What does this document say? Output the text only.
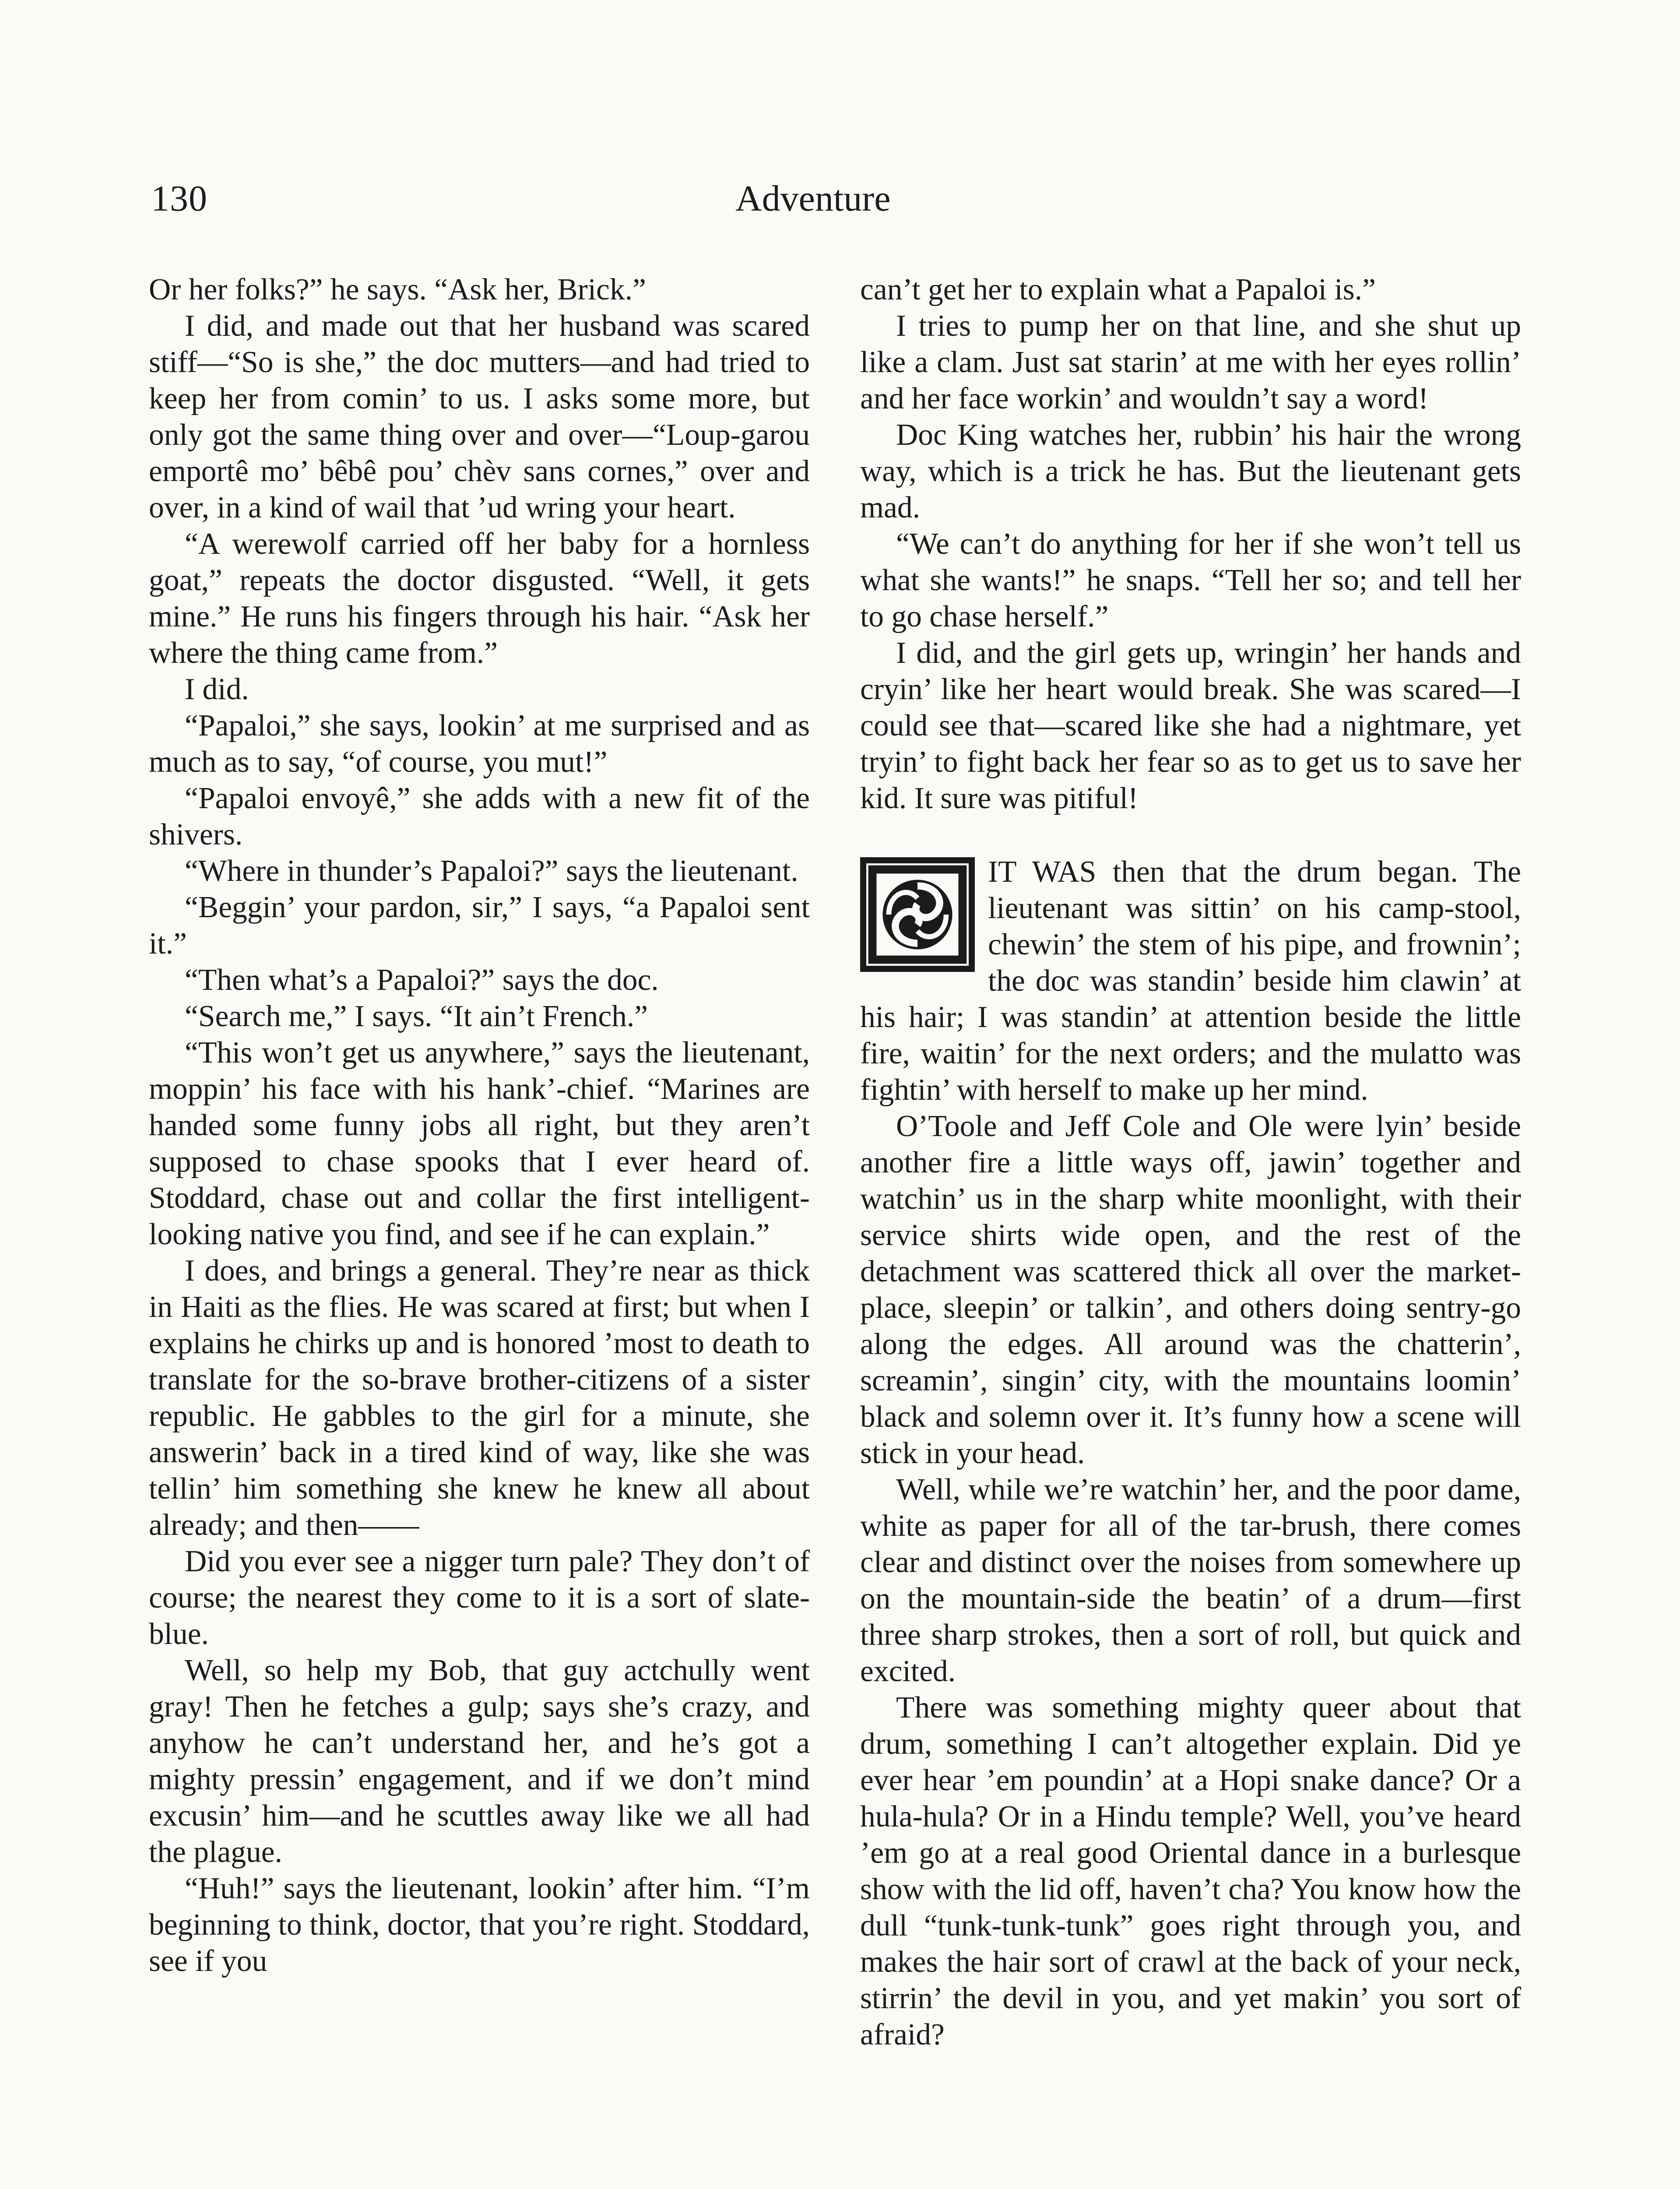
130	Adventure

Or her folks?” he says. “Ask her, Brick.”

I did, and made out that her husband was scared stiff—“So is she,” the doc mutters—and had tried to keep her from comin’ to us. I asks some more, but only got the same thing over and over—“Loup-garou emportê mo’ bêbê pou’ chèv sans cornes,” over and over, in a kind of wail that ’ud wring your heart.

“A werewolf carried off her baby for a hornless goat,” repeats the doctor disgusted. “Well, it gets mine.” He runs his fingers through his hair. “Ask her where the thing came from.”

I did.

“Papaloi,” she says, lookin’ at me surprised and as much as to say, “of course, you mut!”

“Papaloi envoyê,” she adds with a new fit of the shivers.

“Where in thunder’s Papaloi?” says the lieutenant.

“Beggin’ your pardon, sir,” I says, “a Papaloi sent it.”

“Then what’s a Papaloi?” says the doc.

“Search me,” I says. “It ain’t French.”

“This won’t get us anywhere,” says the lieutenant, moppin’ his face with his hank’-chief. “Marines are handed some funny jobs all right, but they aren’t supposed to chase spooks that I ever heard of. Stoddard, chase out and collar the first intelligent-looking native you find, and see if he can explain.”

I does, and brings a general. They’re near as thick in Haiti as the flies. He was scared at first; but when I explains he chirks up and is honored ’most to death to translate for the so-brave brother-citizens of a sister republic. He gabbles to the girl for a minute, she answerin’ back in a tired kind of way, like she was tellin’ him something she knew he knew all about already; and then——

Did you ever see a nigger turn pale? They don’t of course; the nearest they come to it is a sort of slate-blue.

Well, so help my Bob, that guy actchully went gray! Then he fetches a gulp; says she’s crazy, and anyhow he can’t understand her, and he’s got a mighty pressin’ engagement, and if we don’t mind excusin’ him—and he scuttles away like we all had the plague.

“Huh!” says the lieutenant, lookin’ after him. “I’m beginning to think, doctor, that you’re right. Stoddard, see if you

can’t get her to explain what a Papaloi is.”

I tries to pump her on that line, and she shut up like a clam. Just sat starin’ at me with her eyes rollin’ and her face workin’ and wouldn’t say a word!

Doc King watches her, rubbin’ his hair the wrong way, which is a trick he has. But the lieutenant gets mad.

“We can’t do anything for her if she won’t tell us what she wants!” he snaps. “Tell her so; and tell her to go chase herself.”

I did, and the girl gets up, wringin’ her hands and cryin’ like her heart would break. She was scared—I could see that—scared like she had a nightmare, yet tryin’ to fight back her fear so as to get us to save her kid. It sure was pitiful!

IT WAS then that the drum began. The lieutenant was sittin’ on his camp-stool, chewin’ the stem of his pipe, and frownin’; the doc was standin’ beside him clawin’ at his hair; I was standin’ at attention beside the little fire, waitin’ for the next orders; and the mulatto was fightin’ with herself to make up her mind.

O’Toole and Jeff Cole and Ole were lyin’ beside another fire a little ways off, jawin’ together and watchin’ us in the sharp white moonlight, with their service shirts wide open, and the rest of the detachment was scattered thick all over the market-place, sleepin’ or talkin’, and others doing sentry-go along the edges. All around was the chatterin’, screamin’, singin’ city, with the mountains loomin’ black and solemn over it. It’s funny how a scene will stick in your head.

Well, while we’re watchin’ her, and the poor dame, white as paper for all of the tar-brush, there comes clear and distinct over the noises from somewhere up on the mountain-side the beatin’ of a drum—first three sharp strokes, then a sort of roll, but quick and excited.

There was something mighty queer about that drum, something I can’t altogether explain. Did ye ever hear ’em poundin’ at a Hopi snake dance? Or a hula-hula? Or in a Hindu temple? Well, you’ve heard ’em go at a real good Oriental dance in a burlesque show with the lid off, haven’t cha? You know how the dull “tunk-tunk-tunk” goes right through you, and makes the hair sort of crawl at the back of your neck, stirrin’ the devil in you, and yet makin’ you sort of afraid?
